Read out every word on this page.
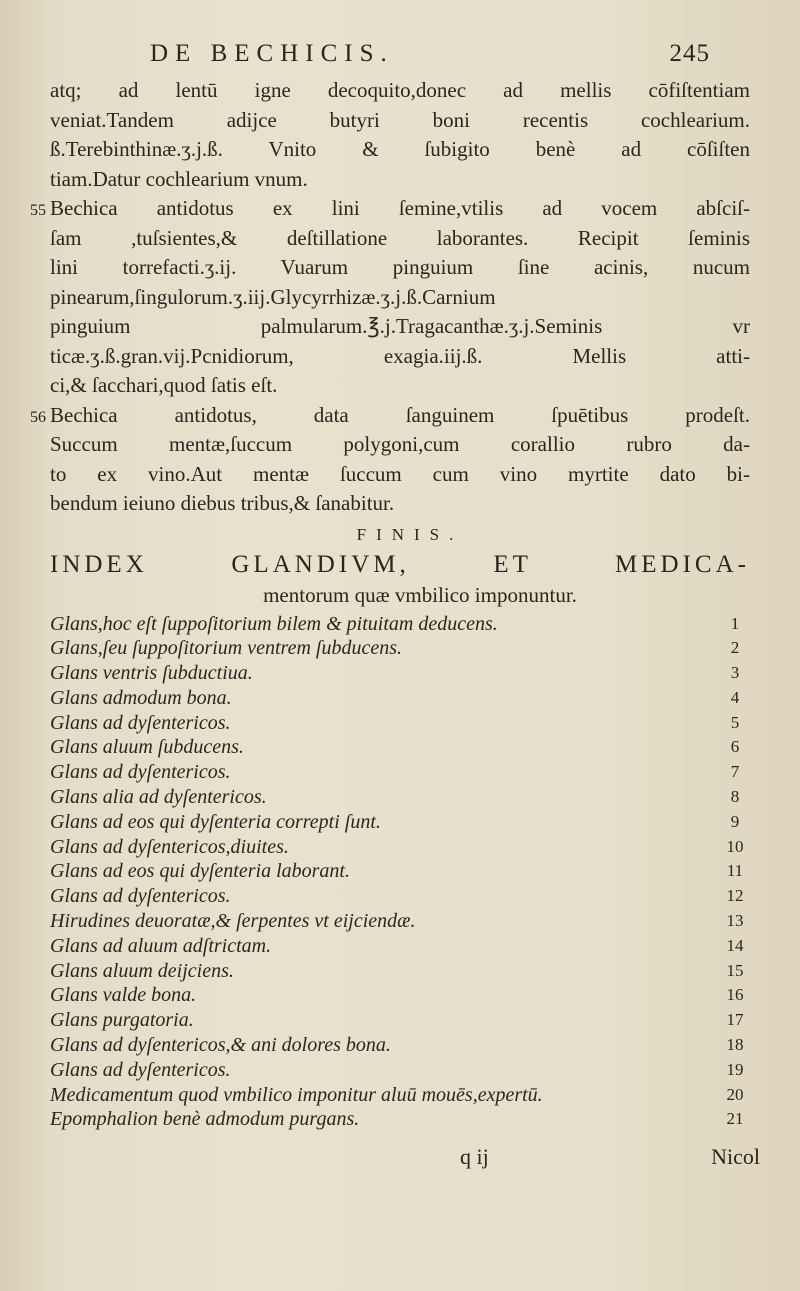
DE BECHICIS.	245
atq; ad lentū igne decoquito,donec ad mellis cōfiſtentiam
veniat.Tandem adijce butyri boni recentis cochlearium.
ß.Terebinthinæ.ʒ.j.ß. Vnito & ſubigito benè ad cōſiſten
tiam.Datur cochlearium vnum.
55 Bechica antidotus ex lini ſemine,vtilis ad vocem abſciſ-
ſam ,tuſsientes,& deſtillatione laborantes. Recipit ſeminis
lini torrefacti.ʒ.ij. Vuarum pinguium ſine acinis, nucum
pinearum,ſingulorum.ʒ.iij.Glycyrrhizæ.ʒ.j.ß.Carnium
pinguium palmularum.℥.j.Tragacanthæ.ʒ.j.Seminis vr
ticæ.ʒ.ß.gran.vij.Pcnidiorum, exagia.iij.ß. Mellis atti-
ci,& ſacchari,quod ſatis eſt.
56 Bechica antidotus, data ſanguinem ſpuētibus prodeſt.
Succum mentæ,ſuccum polygoni,cum corallio rubro da-
to ex vino.Aut mentæ ſuccum cum vino myrtite dato bi-
bendum ieiuno diebus tribus,& ſanabitur.
FINIS.
INDEX GLANDIVM, ET MEDICA-
mentorum quæ vmbilico imponuntur.
Glans,hoc eſt ſuppoſitorium bilem & pituitam deducens.	1
Glans,ſeu ſuppoſitorium ventrem ſubducens.	2
Glans ventris ſubductiua.	3
Glans admodum bona.	4
Glans ad dyſentericos.	5
Glans aluum ſubducens.	6
Glans ad dyſentericos.	7
Glans alia ad dyſentericos.	8
Glans ad eos qui dyſenteria correpti ſunt.	9
Glans ad dyſentericos,diuites.	10
Glans ad eos qui dyſenteria laborant.	11
Glans ad dyſentericos.	12
Hirudines deuoratæ,& ſerpentes vt eijciendæ.	13
Glans ad aluum adſtrictam.	14
Glans aluum deijciens.	15
Glans valde bona.	16
Glans purgatoria.	17
Glans ad dyſentericos,& ani dolores bona.	18
Glans ad dyſentericos.	19
Medicamentum quod vmbilico imponitur aluū mouēs,expertū.	20
Epomphalion benè admodum purgans.	21
q ij	Nicol
